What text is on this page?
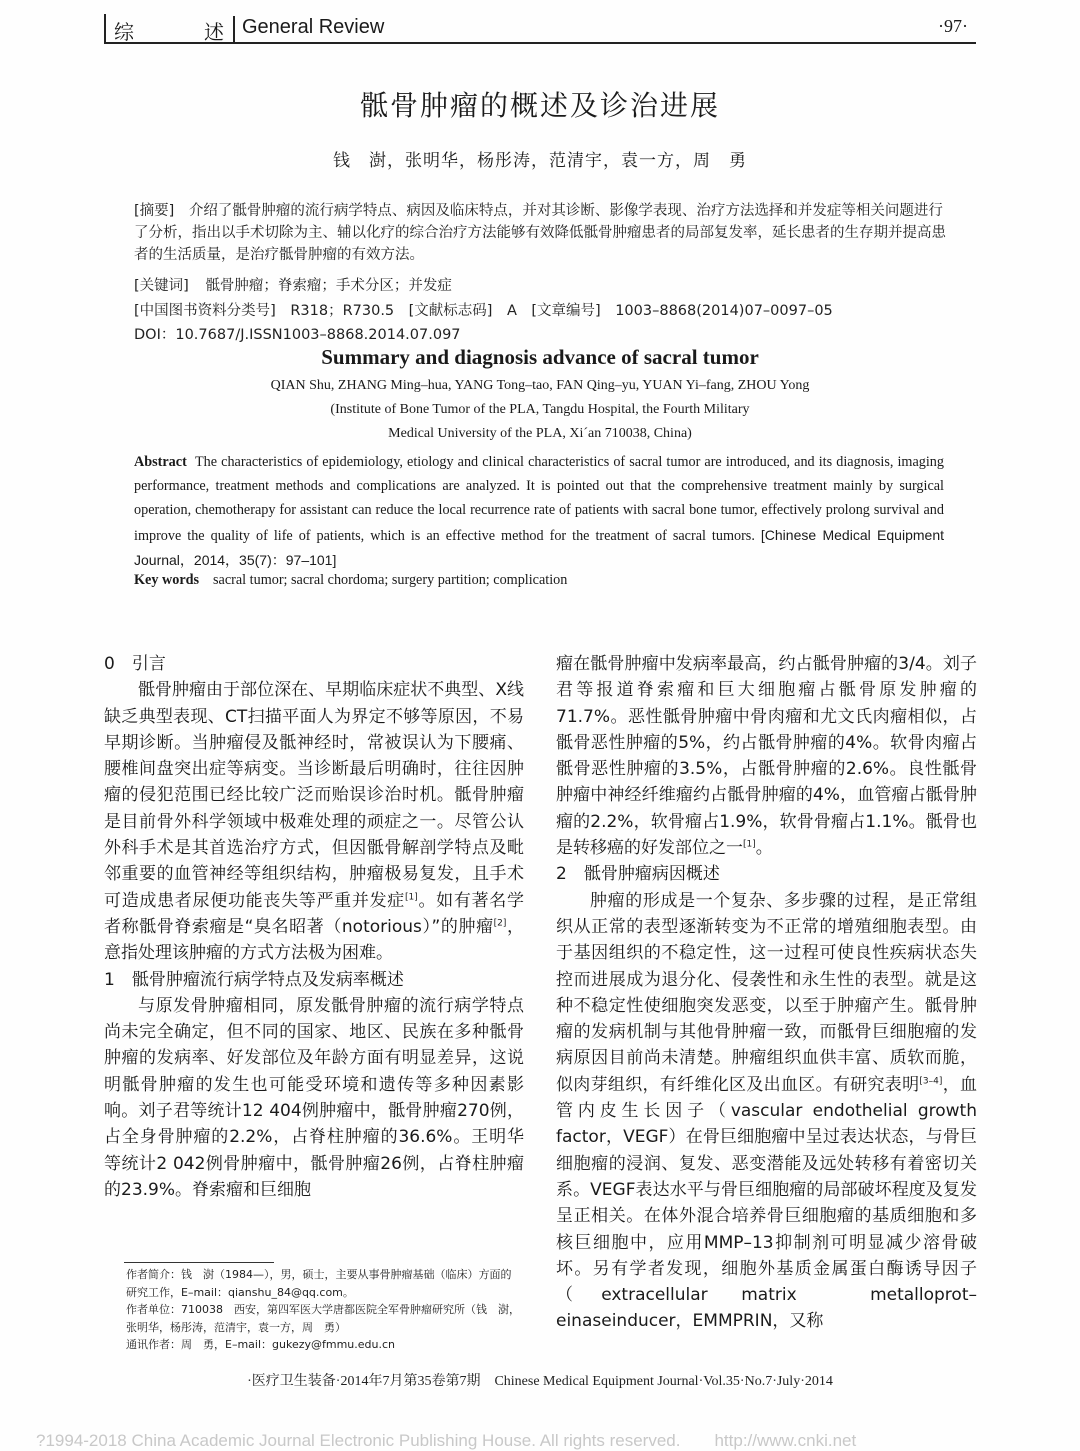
综	述 General Review	·97·
骶骨肿瘤的概述及诊治进展
钱　澍，张明华，杨彤涛，范清宇，袁一方，周　勇
[摘要] 介绍了骶骨肿瘤的流行病学特点、病因及临床特点，并对其诊断、影像学表现、治疗方法选择和并发症等相关问题进行了分析，指出以手术切除为主、辅以化疗的综合治疗方法能够有效降低骶骨肿瘤患者的局部复发率，延长患者的生存期并提高患者的生活质量，是治疗骶骨肿瘤的有效方法。
[关键词] 骶骨肿瘤；脊索瘤；手术分区；并发症
[中国图书资料分类号]　R318；R730.5　[文献标志码]　A　[文章编号]　1003–8868(2014)07–0097–05
DOI：10.7687/J.ISSN1003–8868.2014.07.097
Summary and diagnosis advance of sacral tumor
QIAN Shu, ZHANG Ming–hua, YANG Tong–tao, FAN Qing–yu, YUAN Yi–fang, ZHOU Yong
(Institute of Bone Tumor of the PLA, Tangdu Hospital, the Fourth Military
Medical University of the PLA, Xi´an 710038, China)
Abstract The characteristics of epidemiology, etiology and clinical characteristics of sacral tumor are introduced, and its diagnosis, imaging performance, treatment methods and complications are analyzed. It is pointed out that the comprehensive treatment mainly by surgical operation, chemotherapy for assistant can reduce the local recurrence rate of patients with sacral bone tumor, effectively prolong survival and improve the quality of life of patients, which is an effective method for the treatment of sacral tumors. [Chinese Medical Equipment Journal，2014，35(7)：97–101]
Key words sacral tumor; sacral chordoma; surgery partition; complication
0　引言

骶骨肿瘤由于部位深在、早期临床症状不典型、X线缺乏典型表现、CT扫描平面人为界定不够等原因，不易早期诊断。当肿瘤侵及骶神经时，常被误认为下腰痛、腰椎间盘突出症等病变。当诊断最后明确时，往往因肿瘤的侵犯范围已经比较广泛而贻误诊治时机。骶骨肿瘤是目前骨外科学领域中极难处理的顽症之一。尽管公认外科手术是其首选治疗方式，但因骶骨解剖学特点及毗邻重要的血管神经等组织结构，肿瘤极易复发，且手术可造成患者尿便功能丧失等严重并发症[1]。如有著名学者称骶骨脊索瘤是“臭名昭著（notorious）”的肿瘤[2]，意指处理该肿瘤的方式方法极为困难。

1　骶骨肿瘤流行病学特点及发病率概述

与原发骨肿瘤相同，原发骶骨肿瘤的流行病学特点尚未完全确定，但不同的国家、地区、民族在多种骶骨肿瘤的发病率、好发部位及年龄方面有明显差异，这说明骶骨肿瘤的发生也可能受环境和遗传等多种因素影响。刘子君等统计12 404例肿瘤中，骶骨肿瘤270例，占全身骨肿瘤的2.2%，占脊柱肿瘤的36.6%。王明华等统计2 042例骨肿瘤中，骶骨肿瘤26例，占脊柱肿瘤的23.9%。脊索瘤和巨细胞

作者简介：钱　澍（1984—），男，硕士，主要从事骨肿瘤基础（临床）方面的
研究工作，E–mail：qianshu_84@qq.com。
作者单位：710038　西安，第四军医大学唐都医院全军骨肿瘤研究所（钱　澍，
张明华，杨彤涛，范清宇，袁一方，周　勇）
通讯作者：周　勇，E–mail：gukezy@fmmu.edu.cn

瘤在骶骨肿瘤中发病率最高，约占骶骨肿瘤的3/4。刘子君等报道脊索瘤和巨大细胞瘤占骶骨原发肿瘤的71.7%。恶性骶骨肿瘤中骨肉瘤和尤文氏肉瘤相似，占骶骨恶性肿瘤的5%，约占骶骨肿瘤的4%。软骨肉瘤占骶骨恶性肿瘤的3.5%，占骶骨肿瘤的2.6%。良性骶骨肿瘤中神经纤维瘤约占骶骨肿瘤的4%，血管瘤占骶骨肿瘤的2.2%，软骨瘤占1.9%，软骨骨瘤占1.1%。骶骨也是转移癌的好发部位之一[1]。

2　骶骨肿瘤病因概述

肿瘤的形成是一个复杂、多步骤的过程，是正常组织从正常的表型逐渐转变为不正常的增殖细胞表型。由于基因组织的不稳定性，这一过程可使良性疾病状态失控而进展成为退分化、侵袭性和永生性的表型。就是这种不稳定性使细胞突发恶变，以至于肿瘤产生。骶骨肿瘤的发病机制与其他骨肿瘤一致，而骶骨巨细胞瘤的发病原因目前尚未清楚。肿瘤组织血供丰富、质软而脆，似肉芽组织，有纤维化区及出血区。有研究表明[3–4]，血管内皮生长因子（vascular endothelial growth factor，VEGF）在骨巨细胞瘤中呈过表达状态，与骨巨细胞瘤的浸润、复发、恶变潜能及远处转移有着密切关系。VEGF表达水平与骨巨细胞瘤的局部破坏程度及复发呈正相关。在体外混合培养骨巨细胞瘤的基质细胞和多核巨细胞中，应用MMP–13抑制剂可明显减少溶骨破坏。另有学者发现，细胞外基质金属蛋白酶诱导因子（extracellular matrix　metalloprot–einaseinducer，EMMPRIN，又称

·医疗卫生装备·2014年7月第35卷第7期　Chinese Medical Equipment Journal·Vol.35·No.7·July·2014
?1994-2018 China Academic Journal Electronic Publishing House. All rights reserved.　　http://www.cnki.net
